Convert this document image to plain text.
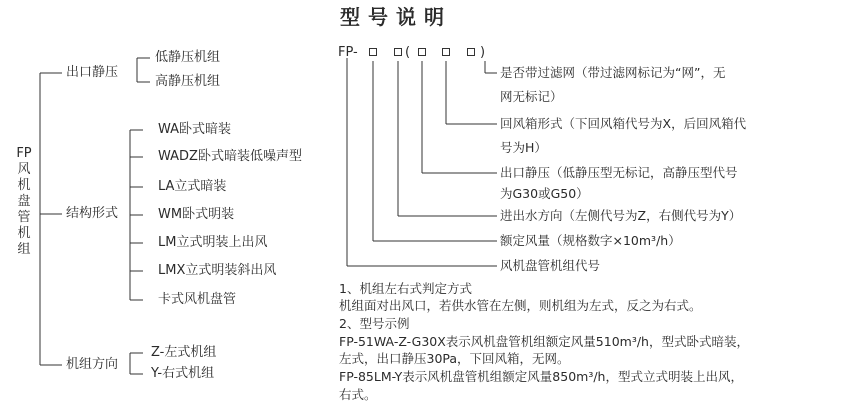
FP风机盘管机组
出口静压
低静压机组
高静压机组
结构形式
WA卧式暗装
WADZ卧式暗装低噪声型
LA立式暗装
WM卧式明装
LM立式明装上出风
LMX立式明装斜出风
卡式风机盘管
机组方向
Z-左式机组
Y-右式机组
型号说明
FP-	(	)
是否带过滤网（带过滤网标记为“网”，无
网无标记）
回风箱形式（下回风箱代号为X，后回风箱代
号为H）
出口静压（低静压型无标记，高静压型代号
为G30或G50）
进出水方向（左侧代号为Z，右侧代号为Y）
额定风量（规格数字×10m³/h）
风机盘管机组代号
1、机组左右式判定方式
机组面对出风口，若供水管在左侧，则机组为左式，反之为右式。
2、型号示例
FP-51WA-Z-G30X表示风机盘管机组额定风量510m³/h，型式卧式暗装，
左式，出口静压30Pa，下回风箱，无网。
FP-85LM-Y表示风机盘管机组额定风量850m³/h，型式立式明装上出风，
右式。
